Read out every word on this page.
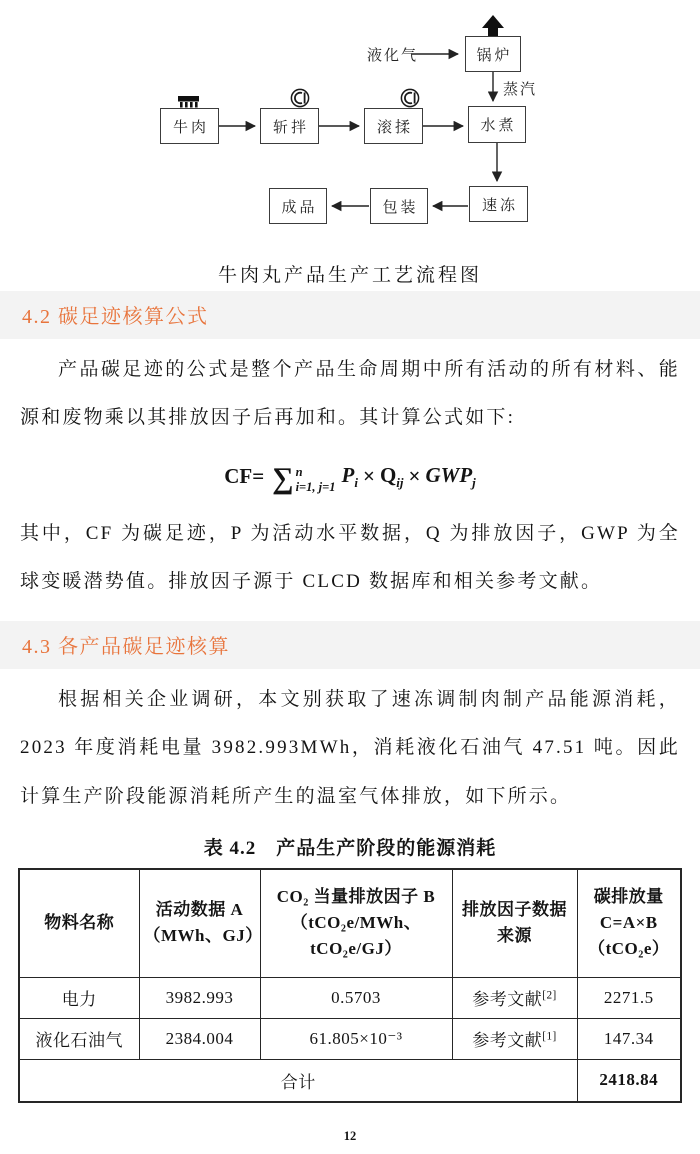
液化气	锅炉
蒸汽
牛肉	斩拌	滚揉	水煮
速冻
包装
成品
牛肉丸产品生产工艺流程图
4.2 碳足迹核算公式

产品碳足迹的公式是整个产品生命周期中所有活动的所有材料、能源和废物乘以其排放因子后再加和。其计算公式如下:

CF= ∑ n
i=1, j=1
$P_i \times Q_{ij} \times GWP_j$

其中，CF 为碳足迹，P 为活动水平数据，Q 为排放因子，GWP 为全球变暖潜势值。排放因子源于 CLCD 数据库和相关参考文献。

4.3 各产品碳足迹核算

根据相关企业调研，本文别获取了速冻调制肉制产品能源消耗，2023 年度消耗电量 3982.993MWh，消耗液化石油气 47.51 吨。因此计算生产阶段能源消耗所产生的温室气体排放，如下所示。

表 4.2　产品生产阶段的能源消耗
物料名称	活动数据 A（MWh、GJ）	CO₂ 当量排放因子 B（tCO₂e/MWh、tCO₂e/GJ）	排放因子数据来源	碳排放量 C=A×B（tCO₂e）
电力	3982.993	0.5703	参考文献[2]	2271.5
液化石油气	2384.004	61.805×10⁻³	参考文献[1]	147.34
合计				2418.84
12
